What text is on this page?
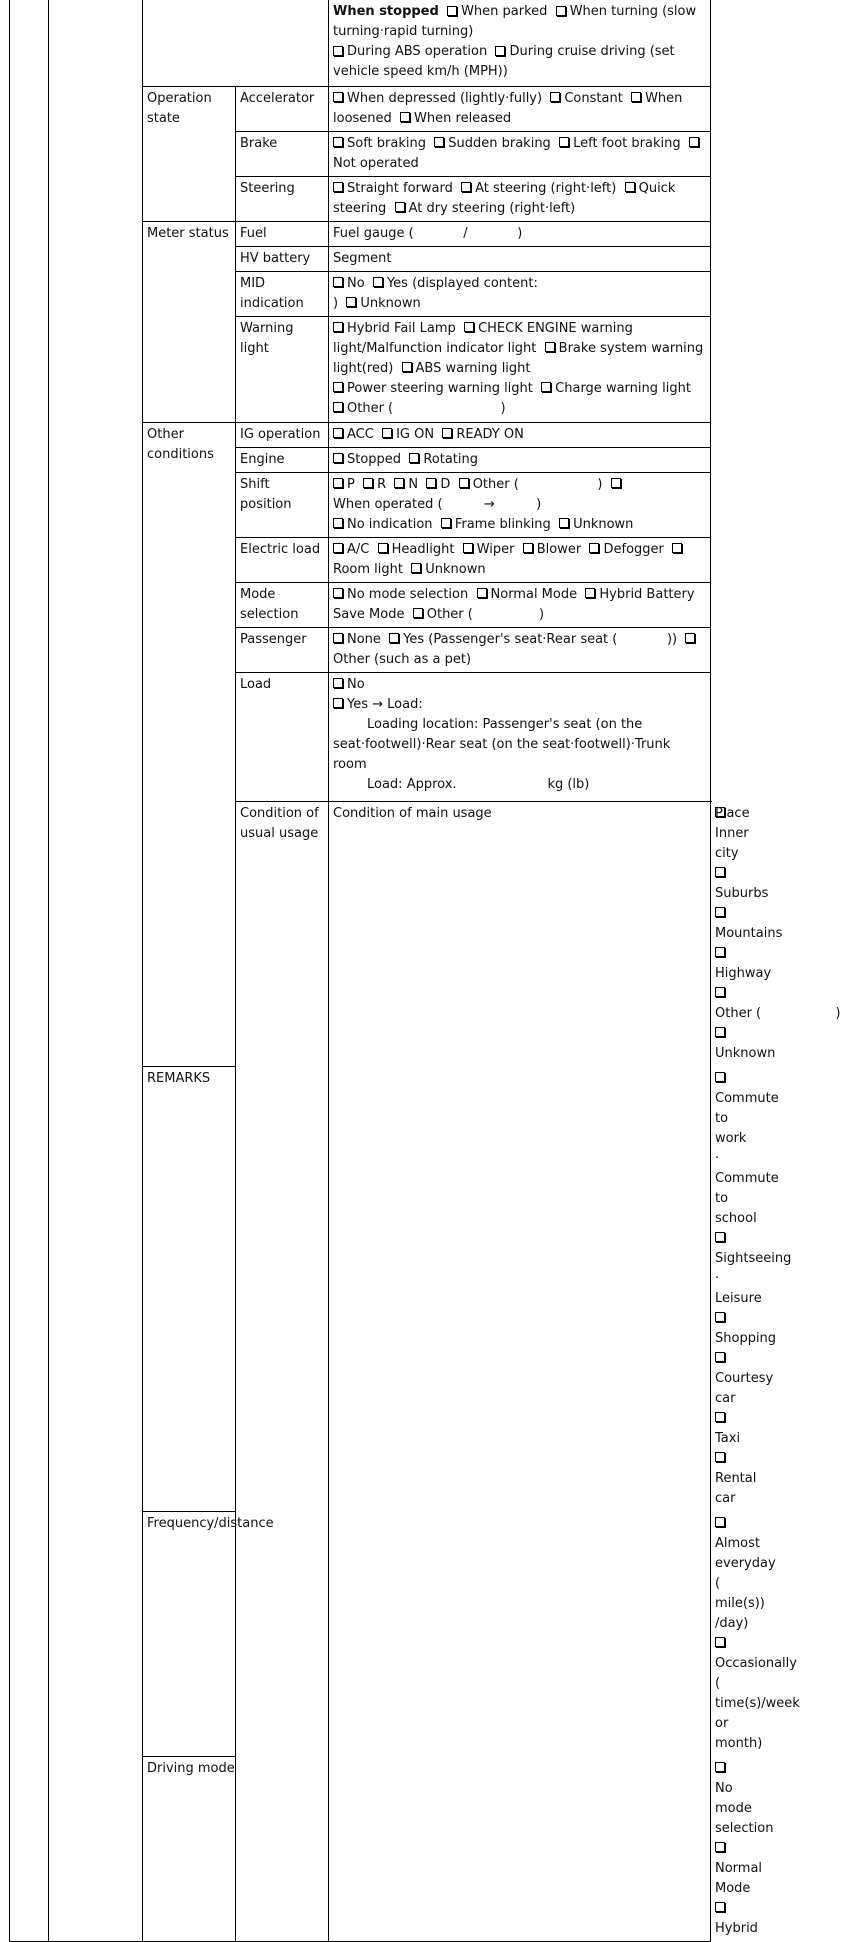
				When stopped When parked When turning (slow turning·rapid turning)
During ABS operation During cruise driving (set vehicle speed km/h (MPH))	
		Operation state	Accelerator	When depressed (lightly·fully) Constant When loosened When released	
			Brake	Soft braking Sudden braking Left foot braking  Not operated	
			Steering	Straight forward At steering (right·left) Quick steering At dry steering (right·left)	
		Meter status	Fuel	Fuel gauge (            /            )	
			HV battery	Segment	
			MID indication	No Yes (displayed content:                                       ) Unknown	
			Warning light	Hybrid Fail Lamp CHECK ENGINE warning light/Malfunction indicator light Brake system warning light(red) ABS warning light
Power steering warning light Charge warning light  Other (                          )	
		Other conditions	IG operation	ACC IG ON READY ON	
			Engine	Stopped Rotating	
			Shift position	P R N D Other (                   )  When operated (          →          )
No indication Frame blinking Unknown	
			Electric load	A/C Headlight Wiper Blower Defogger  Room light Unknown	
			Mode selection	No mode selection Normal Mode Hybrid Battery Save Mode Other (                )	
			Passenger	None Yes (Passenger's seat·Rear seat (            ))  Other (such as a pet)	
			Load	No
Yes → Load:
Loading location: Passenger's seat (on the seat·footwell)·Rear seat (on the seat·footwell)·Trunk room
Load: Approx.                      kg (lb)	
			Condition of usual usage	Condition of main usage	Place	Inner city  Suburbs  Mountains  Highway  Other (                  )  Unknown
		REMARKS			Commute to work · Commute to school  Sightseeing · Leisure  Shopping  Courtesy car  Taxi  Rental car
		Frequency/distance			Almost everyday (                mile(s)) /day)  Occasionally (              time(s)/week or month)
		Driving mode			No mode selection  Normal Mode  Hybrid
